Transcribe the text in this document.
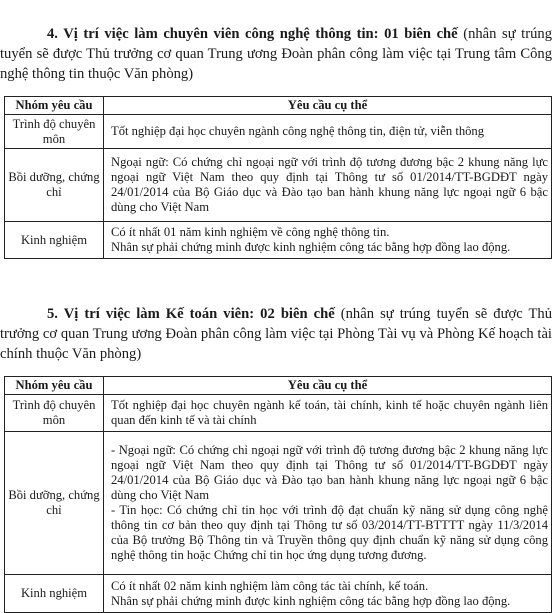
4. Vị trí việc làm chuyên viên công nghệ thông tin: 01 biên chế (nhân sự trúng tuyển sẽ được Thủ trưởng cơ quan Trung ương Đoàn phân công làm việc tại Trung tâm Công nghệ thông tin thuộc Văn phòng)

Nhóm yêu cầu	Yêu cầu cụ thể
Trình độ chuyên môn	Tốt nghiệp đại học chuyên ngành công nghệ thông tin, điện tử, viễn thông

Bồi dưỡng, chứng chỉ	Ngoại ngữ: Có chứng chỉ ngoại ngữ với trình độ tương đương bậc 2 khung năng lực ngoại ngữ Việt Nam theo quy định tại Thông tư số 01/2014/TT-BGDĐT ngày 24/01/2014 của Bộ Giáo dục và Đào tạo ban hành khung năng lực ngoại ngữ 6 bậc dùng cho Việt Nam

Kinh nghiệm	Có ít nhất 01 năm kinh nghiệm về công nghệ thông tin.
Nhân sự phải chứng minh được kinh nghiệm công tác bằng hợp đồng lao động.

5. Vị trí việc làm Kế toán viên: 02 biên chế (nhân sự trúng tuyển sẽ được Thủ trưởng cơ quan Trung ương Đoàn phân công làm việc tại Phòng Tài vụ và Phòng Kế hoạch tài chính thuộc Văn phòng)

Nhóm yêu cầu	Yêu cầu cụ thể
Trình độ chuyên môn	Tốt nghiệp đại học chuyên ngành kế toán, tài chính, kinh tế hoặc chuyên ngành liên quan đến kinh tế và tài chính

Bồi dưỡng, chứng chỉ	- Ngoại ngữ: Có chứng chỉ ngoại ngữ với trình độ tương đương bậc 2 khung năng lực ngoại ngữ Việt Nam theo quy định tại Thông tư số 01/2014/TT-BGDĐT ngày 24/01/2014 của Bộ Giáo dục và Đào tạo ban hành khung năng lực ngoại ngữ 6 bậc dùng cho Việt Nam
- Tin học: Có chứng chỉ tin học với trình độ đạt chuẩn kỹ năng sử dụng công nghệ thông tin cơ bản theo quy định tại Thông tư số 03/2014/TT-BTTTT ngày 11/3/2014 của Bộ trưởng Bộ Thông tin và Truyền thông quy định chuẩn kỹ năng sử dụng công nghệ thông tin hoặc Chứng chỉ tin học ứng dụng tương đương.

Kinh nghiệm	Có ít nhất 02 năm kinh nghiệm làm công tác tài chính, kế toán.
Nhân sự phải chứng minh được kinh nghiệm công tác bằng hợp đồng lao động.
